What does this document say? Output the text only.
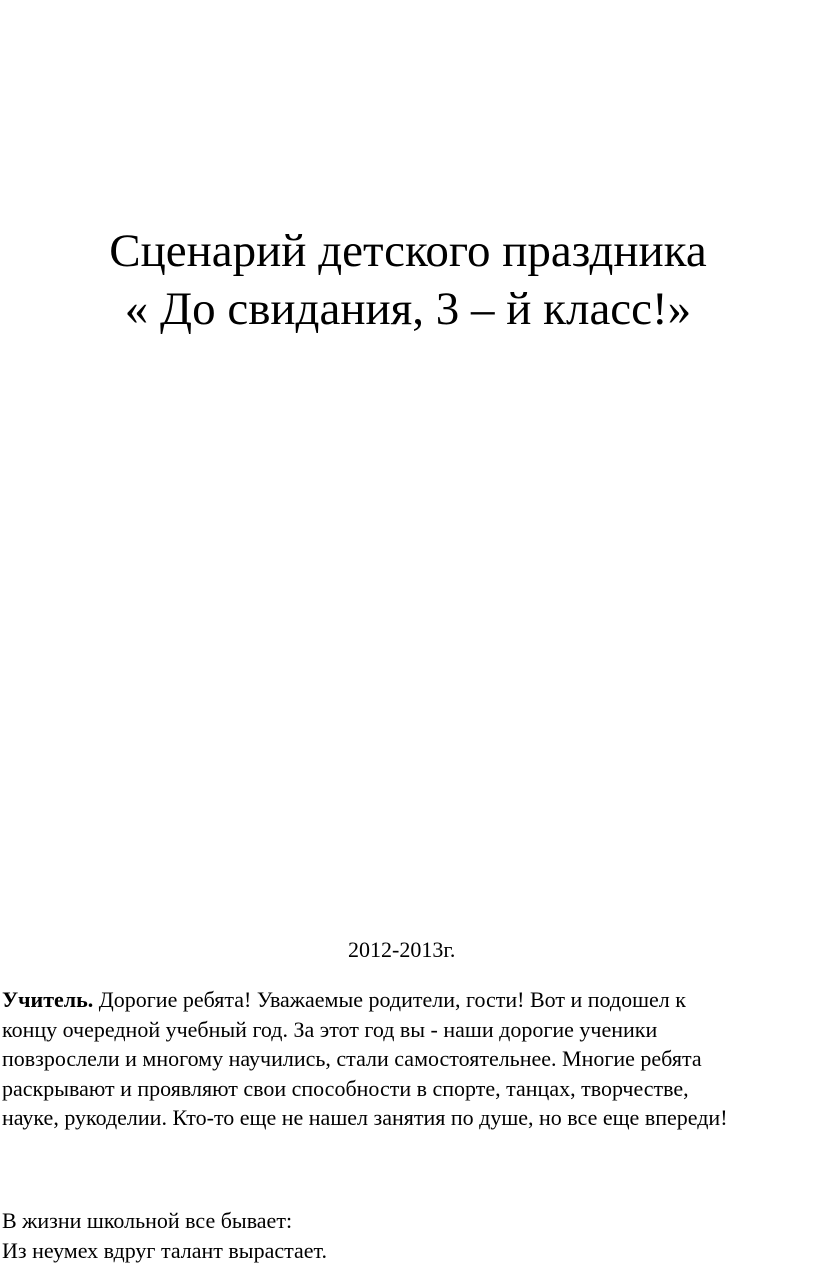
Сценарий детского праздника
« До свидания, 3 – й класс!»
2012-2013г.
Учитель. Дорогие ребята! Уважаемые родители, гости! Вот и подошел к
концу очередной учебный год. За этот год вы - наши дорогие ученики
повзрослели и многому научились, стали самостоятельнее. Многие ребята
раскрывают и проявляют свои способности в спорте, танцах, творчестве,
науке, рукоделии. Кто-то еще не нашел занятия по душе, но все еще впереди!
В жизни школьной все бывает:
Из неумех вдруг талант вырастает.
